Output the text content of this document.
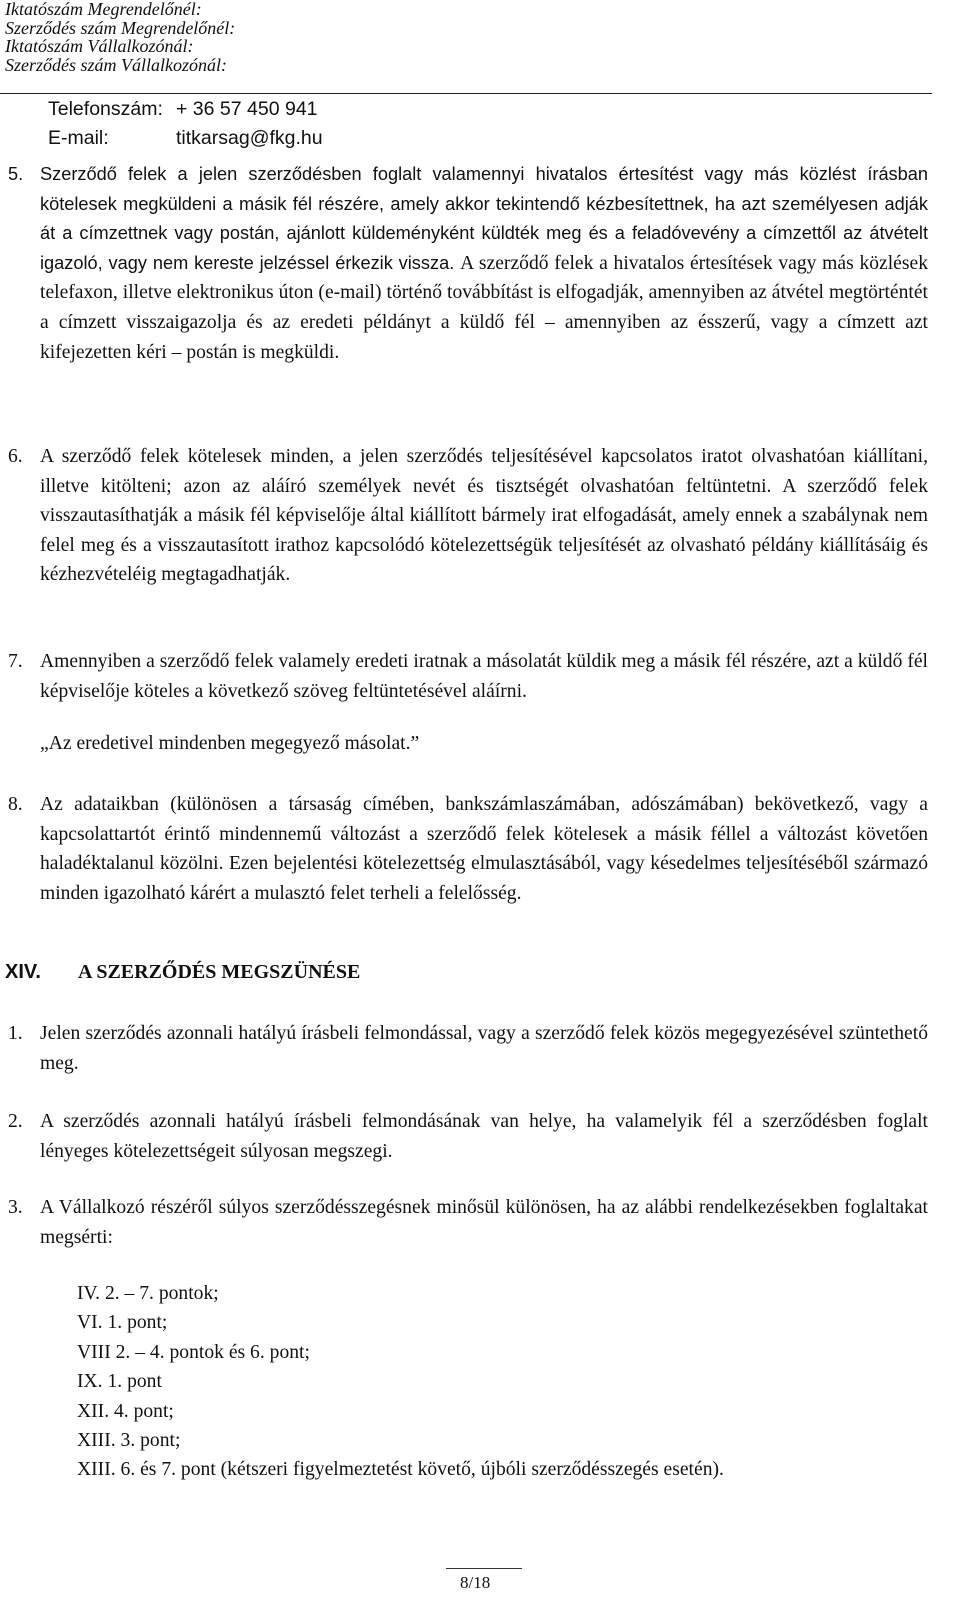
Iktatószám Megrendelőnél:
Szerződés szám Megrendelőnél:
Iktatószám Vállalkozónál:
Szerződés szám Vállalkozónál:
Telefonszám: + 36 57 450 941
E-mail:	titkarsag@fkg.hu
5. Szerződő felek a jelen szerződésben foglalt valamennyi hivatalos értesítést vagy más közlést írásban kötelesek megküldeni a másik fél részére, amely akkor tekintendő kézbesítettnek, ha azt személyesen adják át a címzettnek vagy postán, ajánlott küldeményként küldték meg és a feladóvevény a címzettől az átvételt igazoló, vagy nem kereste jelzéssel érkezik vissza. A szerződő felek a hivatalos értesítések vagy más közlések telefaxon, illetve elektronikus úton (e-mail) történő továbbítást is elfogadják, amennyiben az átvétel megtörténtét a címzett visszaigazolja és az eredeti példányt a küldő fél – amennyiben az ésszerű, vagy a címzett azt kifejezetten kéri – postán is megküldi.
6. A szerződő felek kötelesek minden, a jelen szerződés teljesítésével kapcsolatos iratot olvashatóan kiállítani, illetve kitölteni; azon az aláíró személyek nevét és tisztségét olvashatóan feltüntetni. A szerződő felek visszautasíthatják a másik fél képviselője által kiállított bármely irat elfogadását, amely ennek a szabálynak nem felel meg és a visszautasított irathoz kapcsolódó kötelezettségük teljesítését az olvasható példány kiállításáig és kézhezvételéig megtagadhatják.
7. Amennyiben a szerződő felek valamely eredeti iratnak a másolatát küldik meg a másik fél részére, azt a küldő fél képviselője köteles a következő szöveg feltüntetésével aláírni.
„Az eredetivel mindenben megegyező másolat.”
8. Az adataikban (különösen a társaság címében, bankszámlaszámában, adószámában) bekövetkező, vagy a kapcsolattartót érintő mindennemű változást a szerződő felek kötelesek a másik féllel a változást követően haladéktalanul közölni. Ezen bejelentési kötelezettség elmulasztásából, vagy késedelmes teljesítéséből származó minden igazolható kárért a mulasztó felet terheli a felelősség.
XIV. A SZERZŐDÉS MEGSZÜNÉSE
1. Jelen szerződés azonnali hatályú írásbeli felmondással, vagy a szerződő felek közös megegyezésével szüntethető meg.
2. A szerződés azonnali hatályú írásbeli felmondásának van helye, ha valamelyik fél a szerződésben foglalt lényeges kötelezettségeit súlyosan megszegi.
3. A Vállalkozó részéről súlyos szerződésszegésnek minősül különösen, ha az alábbi rendelkezésekben foglaltakat megsérti:
IV. 2. – 7. pontok;
VI. 1. pont;
VIII 2. – 4. pontok és 6. pont;
IX. 1. pont
XII. 4. pont;
XIII. 3. pont;
XIII. 6. és 7. pont (kétszeri figyelmeztetést követő, újbóli szerződésszegés esetén).
8/18
